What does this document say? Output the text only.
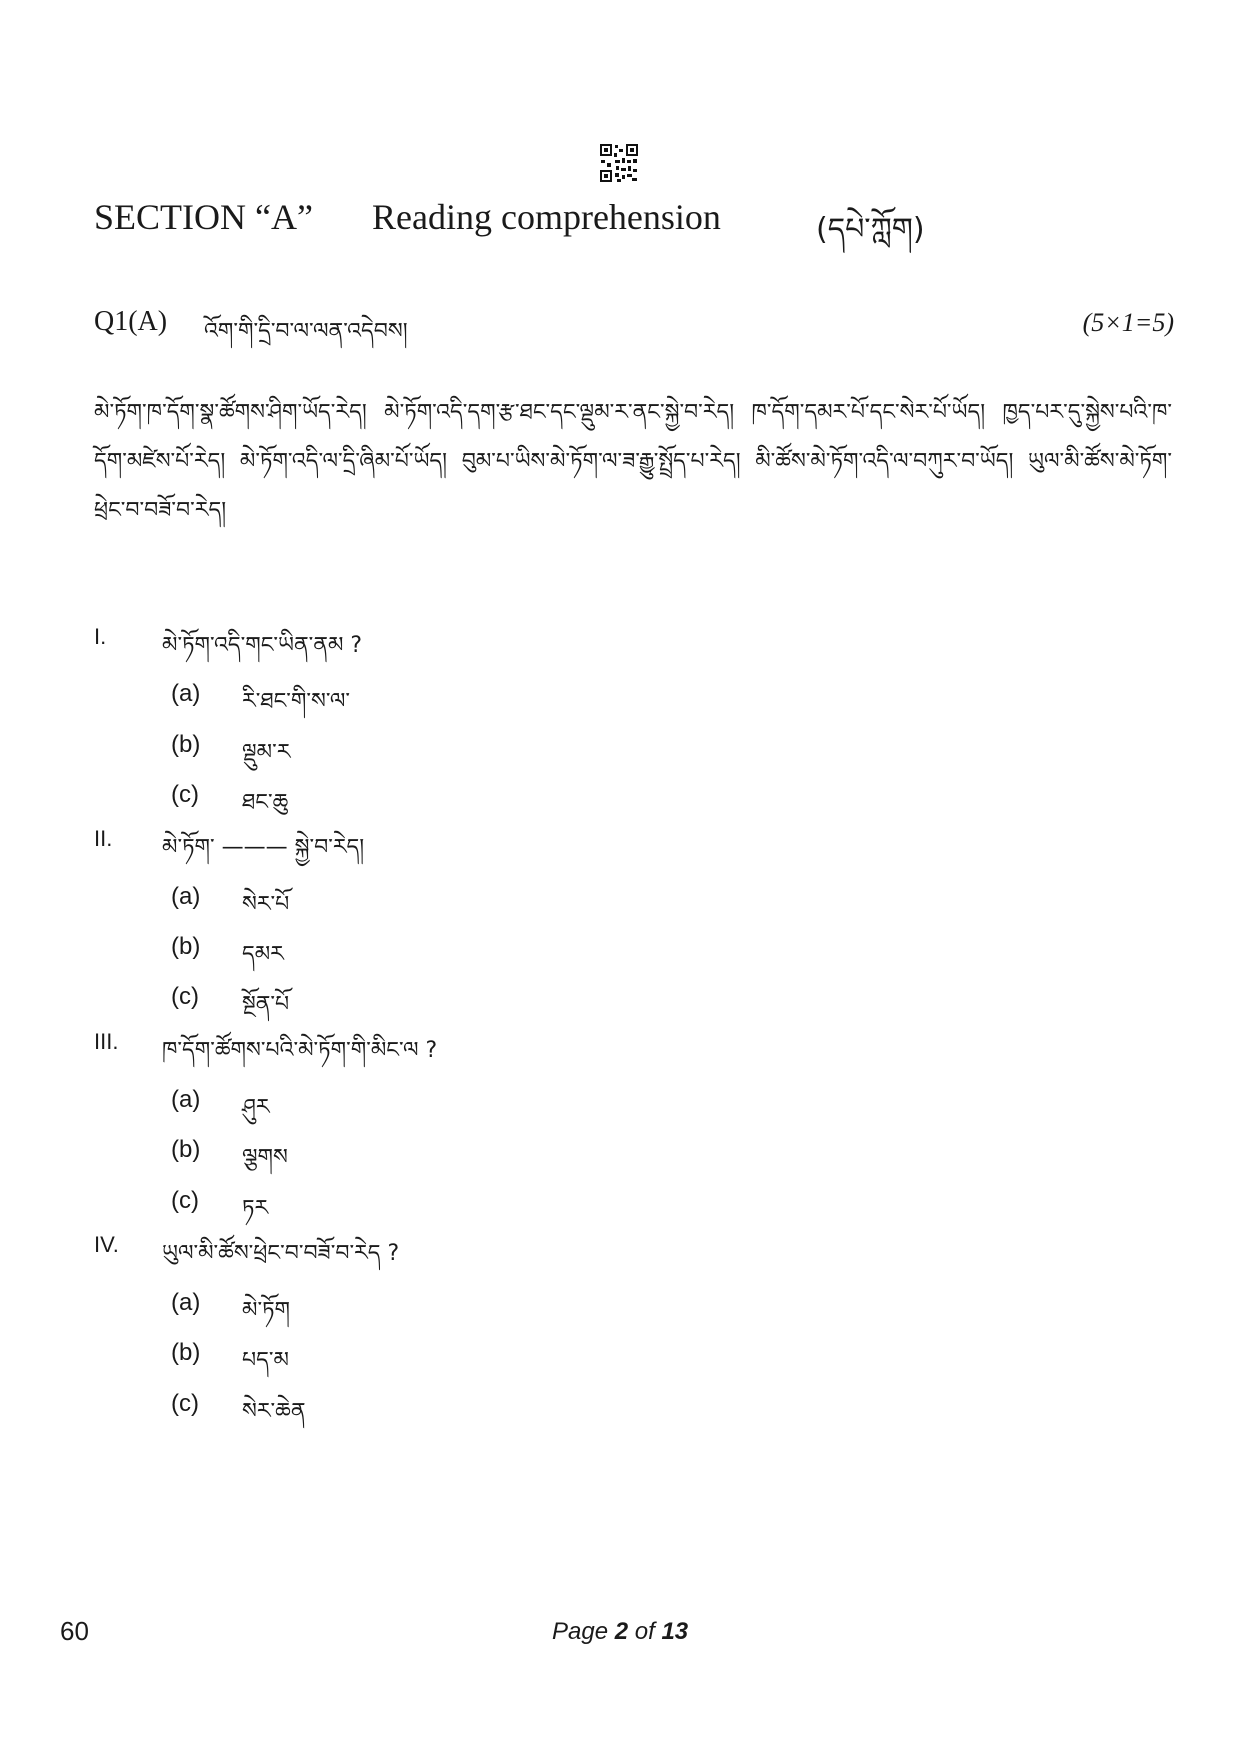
SECTION “A” Reading comprehension	(དཔེ་ཀློག)
Q1(A) འོག་གི་དྲི་བ་ལ་ལན་འདེབས།	(5×1=5)
མེ་ཏོག་ཁ་དོག་སྣ་ཚོགས་ཤིག་ཡོད་རེད། མེ་ཏོག་འདི་དག་རྩ་ཐང་དང་ལྡུམ་ར་ནང་སྐྱེ་བ་རེད། ཁ་དོག་དམར་པོ་དང་སེར་པོ་ཡོད། ཁྱད་པར་དུ་སྐྱེས་པའི་ཁ་དོག་མཛེས་པོ་རེད། མེ་ཏོག་འདི་ལ་དྲི་ཞིམ་པོ་ཡོད། བུམ་པ་ཡིས་མེ་ཏོག་ལ་ཟ་རྒྱུ་སྤྲོད་པ་རེད། མི་ཚོས་མེ་ཏོག་འདི་ལ་བཀུར་བ་ཡོད། ཡུལ་མི་ཚོས་མེ་ཏོག་ཕྲེང་བ་བཟོ་བ་རེད།
I.	མེ་ཏོག་འདི་གང་ཡིན་ནམ ?
(a) རི་ཐང་གི་ས་ལ་
(b) ལྡུམ་ར
(c) ཐང་ཆུ
II. མེ་ཏོག་ ——— སྐྱེ་བ་རེད།
(a) སེར་པོ
(b) དམར
(c) སྔོན་པོ
III. ཁ་དོག་ཚོགས་པའི་མེ་ཏོག་གི་མིང་ལ ?
(a) ཤུར
(b) ལྕགས
(c) ཏར
IV. ཡུལ་མི་ཚོས་ཕྲེང་བ་བཟོ་བ་རེད ?
(a) མེ་ཏོག
(b) པད་མ
(c) སེར་ཆེན
60	Page 2 of 13
